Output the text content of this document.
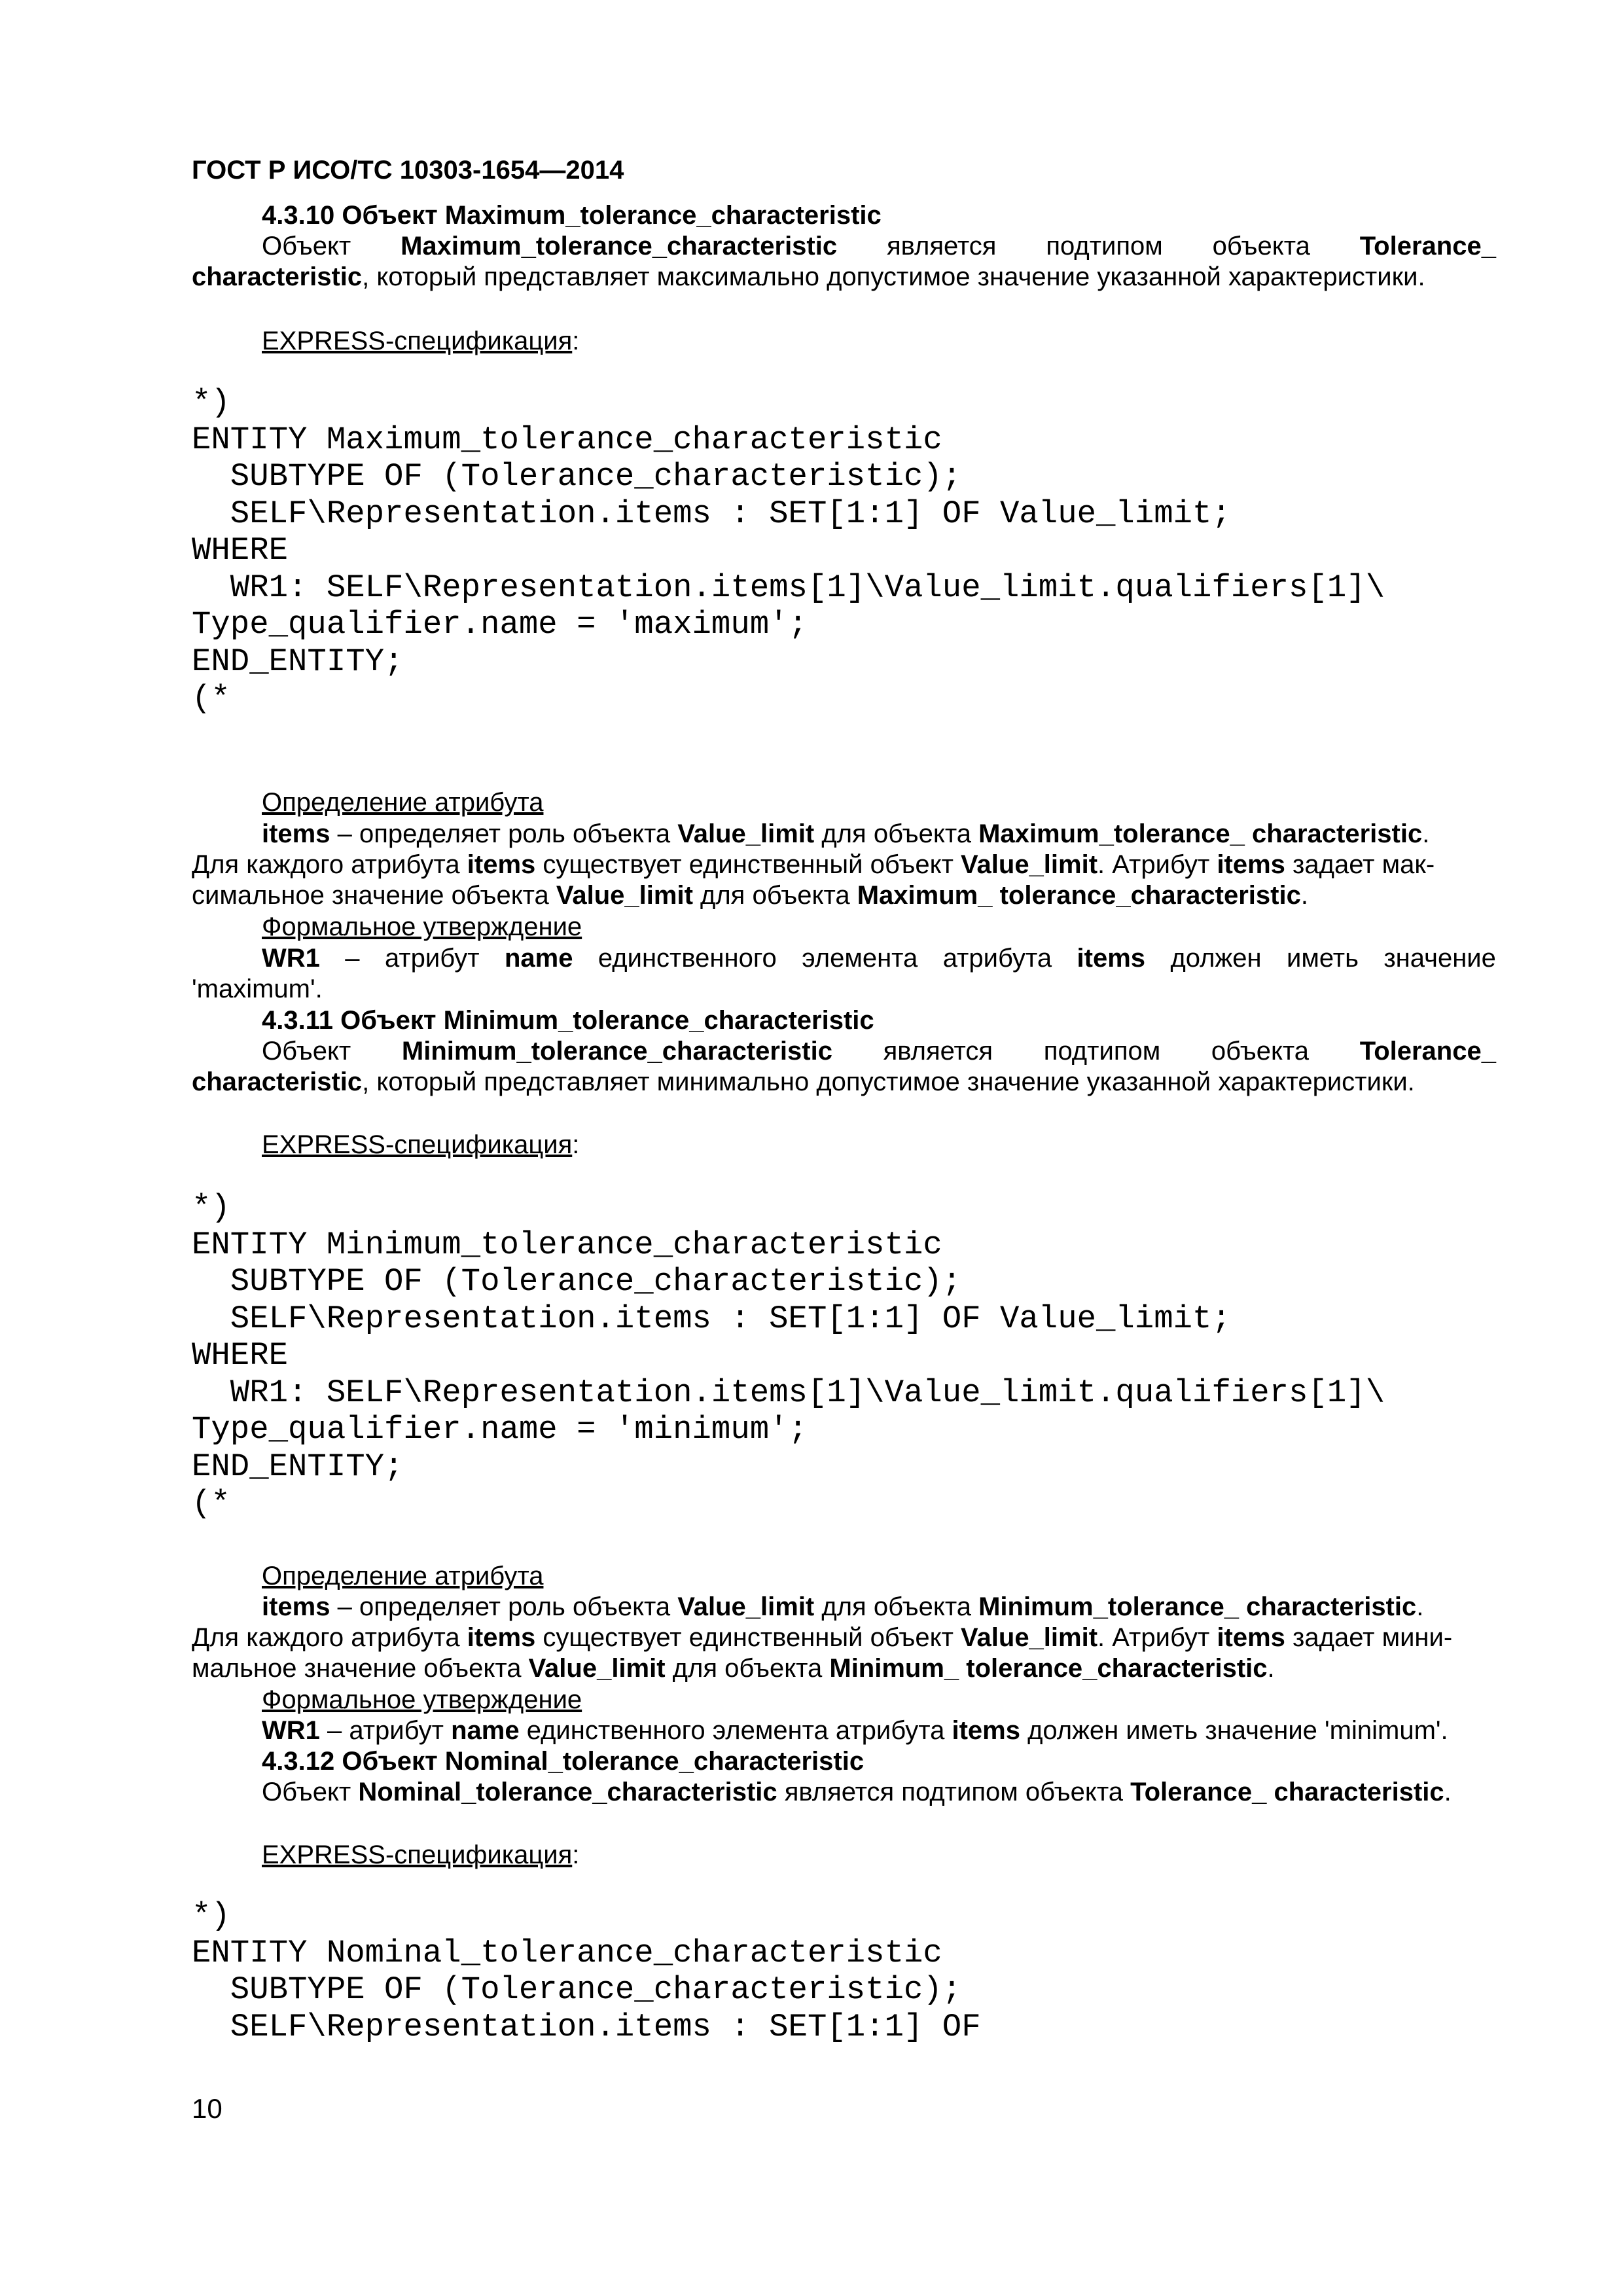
ГОСТ Р ИСО/ТС 10303-1654—2014
4.3.10 Объект Maximum_tolerance_characteristic
Объект Maximum_tolerance_characteristic является подтипом объекта Tolerance_
characteristic, который представляет максимально допустимое значение указанной характеристики.
EXPRESS-спецификация:
*)
ENTITY Maximum_tolerance_characteristic
SUBTYPE OF (Tolerance_characteristic);
SELF\Representation.items : SET[1:1] OF Value_limit;
WHERE
WR1: SELF\Representation.items[1]\Value_limit.qualifiers[1]\
Type_qualifier.name = 'maximum';
END_ENTITY;
(*
Определение атрибута
items – определяет роль объекта Value_limit для объекта Maximum_tolerance_ characteristic.
Для каждого атрибута items существует единственный объект Value_limit. Атрибут items задает мак-
симальное значение объекта Value_limit для объекта Maximum_ tolerance_characteristic.
Формальное утверждение
WR1 – атрибут name единственного элемента атрибута items должен иметь значение
'maximum'.
4.3.11 Объект Minimum_tolerance_characteristic
Объект Minimum_tolerance_characteristic является подтипом объекта Tolerance_
characteristic, который представляет минимально допустимое значение указанной характеристики.
EXPRESS-спецификация:
*)
ENTITY Minimum_tolerance_characteristic
SUBTYPE OF (Tolerance_characteristic);
SELF\Representation.items : SET[1:1] OF Value_limit;
WHERE
WR1: SELF\Representation.items[1]\Value_limit.qualifiers[1]\
Type_qualifier.name = 'minimum';
END_ENTITY;
(*
Определение атрибута
items – определяет роль объекта Value_limit для объекта Minimum_tolerance_ characteristic.
Для каждого атрибута items существует единственный объект Value_limit. Атрибут items задает мини-
мальное значение объекта Value_limit для объекта Minimum_ tolerance_characteristic.
Формальное утверждение
WR1 – атрибут name единственного элемента атрибута items должен иметь значение 'minimum'.
4.3.12 Объект Nominal_tolerance_characteristic
Объект Nominal_tolerance_characteristic является подтипом объекта Tolerance_ characteristic.
EXPRESS-спецификация:
*)
ENTITY Nominal_tolerance_characteristic
SUBTYPE OF (Tolerance_characteristic);
SELF\Representation.items : SET[1:1] OF
10
